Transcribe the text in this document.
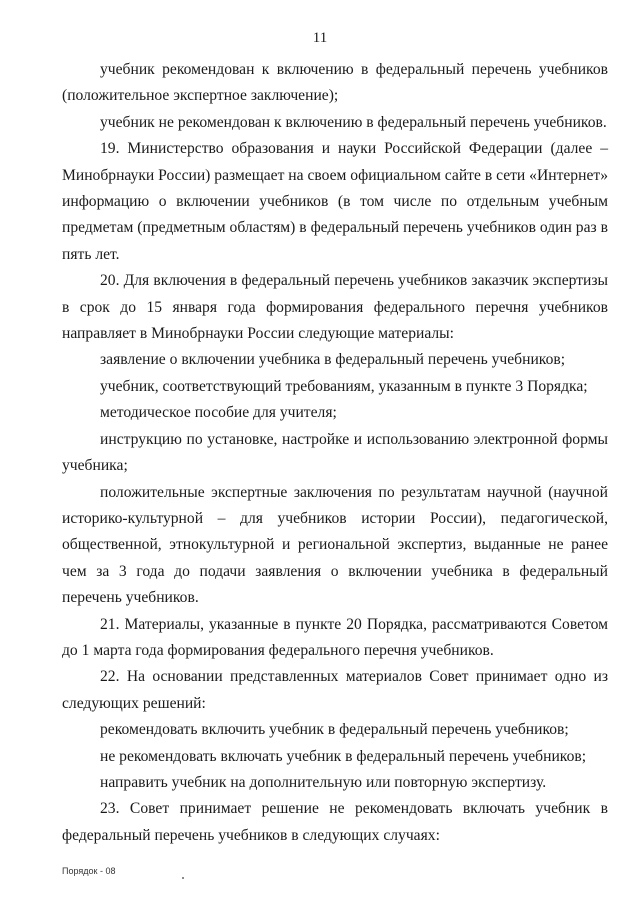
11

учебник рекомендован к включению в федеральный перечень учебников (положительное экспертное заключение);

учебник не рекомендован к включению в федеральный перечень учебников.

19. Министерство образования и науки Российской Федерации (далее – Минобрнауки России) размещает на своем официальном сайте в сети «Интернет» информацию о включении учебников (в том числе по отдельным учебным предметам (предметным областям) в федеральный перечень учебников один раз в пять лет.

20. Для включения в федеральный перечень учебников заказчик экспертизы в срок до 15 января года формирования федерального перечня учебников направляет в Минобрнауки России следующие материалы:

заявление о включении учебника в федеральный перечень учебников;

учебник, соответствующий требованиям, указанным в пункте 3 Порядка;

методическое пособие для учителя;

инструкцию по установке, настройке и использованию электронной формы учебника;

положительные экспертные заключения по результатам научной (научной историко-культурной – для учебников истории России), педагогической, общественной, этнокультурной и региональной экспертиз, выданные не ранее чем за 3 года до подачи заявления о включении учебника в федеральный перечень учебников.

21. Материалы, указанные в пункте 20 Порядка, рассматриваются Советом до 1 марта года формирования федерального перечня учебников.

22. На основании представленных материалов Совет принимает одно из следующих решений:

рекомендовать включить учебник в федеральный перечень учебников;

не рекомендовать включать учебник в федеральный перечень учебников;

направить учебник на дополнительную или повторную экспертизу.

23. Совет принимает решение не рекомендовать включать учебник в федеральный перечень учебников в следующих случаях:

Порядок - 08
